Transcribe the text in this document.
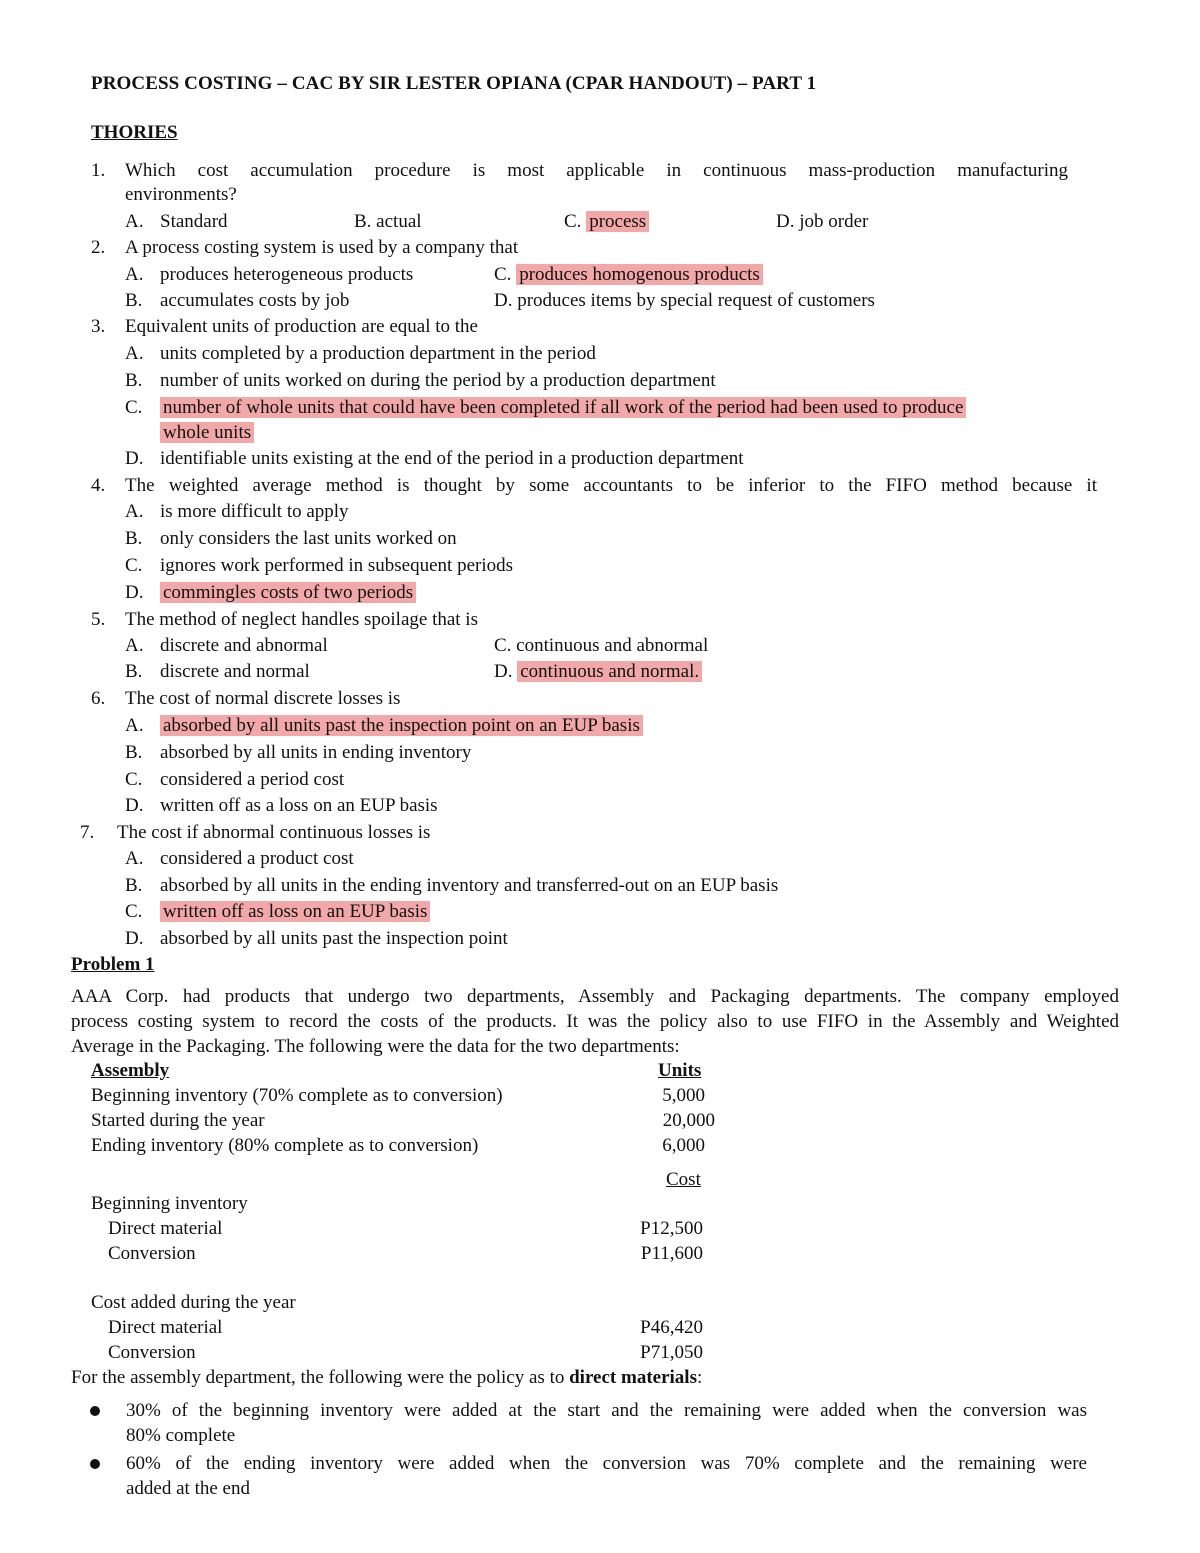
PROCESS COSTING – CAC BY SIR LESTER OPIANA (CPAR HANDOUT) – PART 1
THORIES
1.	Which cost accumulation procedure is most applicable in continuous mass-production manufacturing
environments?
A. Standard	B. actual	C. process	D. job order
2.	A process costing system is used by a company that
A. produces heterogeneous products	C. produces homogenous products
B. accumulates costs by job	D. produces items by special request of customers
3.	Equivalent units of production are equal to the
A. units completed by a production department in the period
B. number of units worked on during the period by a production department
C. number of whole units that could have been completed if all work of the period had been used to produce
whole units
D. identifiable units existing at the end of the period in a production department
4.	The weighted average method is thought by some accountants to be inferior to the FIFO method because it
A. is more difficult to apply
B. only considers the last units worked on
C. ignores work performed in subsequent periods
D. commingles costs of two periods
5.	The method of neglect handles spoilage that is
A. discrete and abnormal	C. continuous and abnormal
B. discrete and normal	D. continuous and normal.
6.	The cost of normal discrete losses is
A. absorbed by all units past the inspection point on an EUP basis
B. absorbed by all units in ending inventory
C. considered a period cost
D. written off as a loss on an EUP basis
7.	The cost if abnormal continuous losses is
A. considered a product cost
B. absorbed by all units in the ending inventory and transferred-out on an EUP basis
C. written off as loss on an EUP basis
D. absorbed by all units past the inspection point
Problem 1
AAA Corp. had products that undergo two departments, Assembly and Packaging departments. The company employed
process costing system to record the costs of the products. It was the policy also to use FIFO in the Assembly and Weighted
Average in the Packaging. The following were the data for the two departments:
Assembly	Units
Beginning inventory (70% complete as to conversion)	5,000
Started during the year	20,000
Ending inventory (80% complete as to conversion)	6,000
Cost
Beginning inventory
Direct material	P12,500
Conversion	P11,600
Cost added during the year
Direct material	P46,420
Conversion	P71,050
For the assembly department, the following were the policy as to direct materials:
30% of the beginning inventory were added at the start and the remaining were added when the conversion was
80% complete
60% of the ending inventory were added when the conversion was 70% complete and the remaining were
added at the end
